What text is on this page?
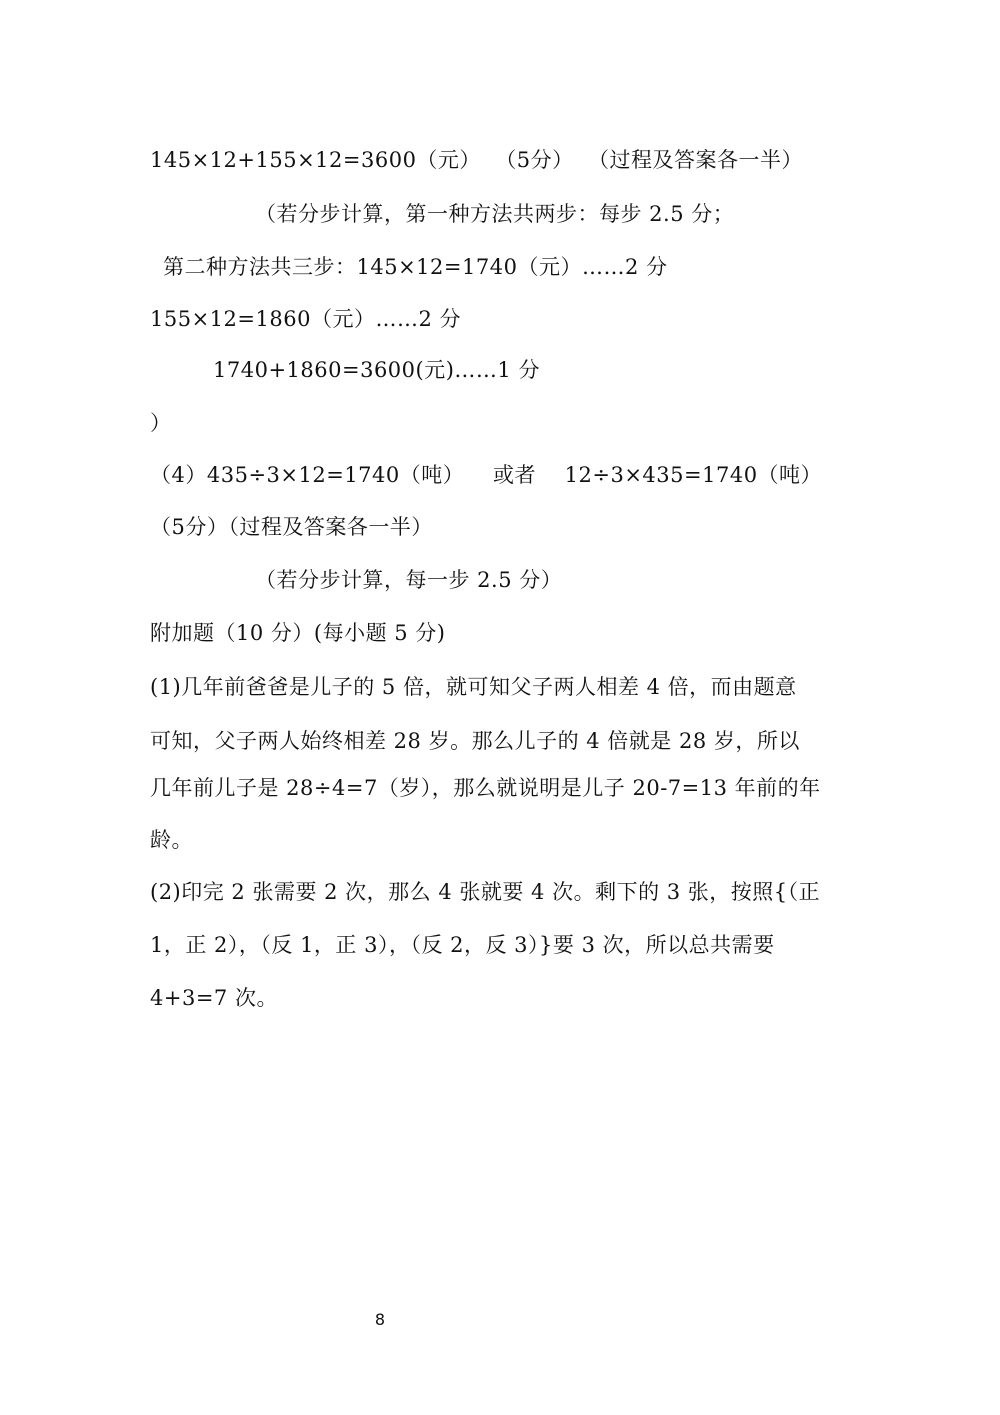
145×12+155×12=3600（元）  （5分）  （过程及答案各一半）
（若分步计算，第一种方法共两步：每步 2.5 分；
第二种方法共三步：145×12=1740（元）……2 分
155×12=1860（元）……2 分
1740+1860=3600(元)……1 分
）
（4）435÷3×12=1740（吨）    或者    12÷3×435=1740（吨）
（5分）（过程及答案各一半）
（若分步计算，每一步 2.5 分）
附加题（10 分）(每小题 5 分)
(1)几年前爸爸是儿子的 5 倍，就可知父子两人相差 4 倍，而由题意
可知，父子两人始终相差 28 岁。那么儿子的 4 倍就是 28 岁，所以
几年前儿子是 28÷4=7（岁），那么就说明是儿子 20-7=13 年前的年
龄。
(2)印完 2 张需要 2 次，那么 4 张就要 4 次。剩下的 3 张，按照{（正
1，正 2），（反 1，正 3），（反 2，反 3）}要 3 次，所以总共需要
4+3=7 次。
8
